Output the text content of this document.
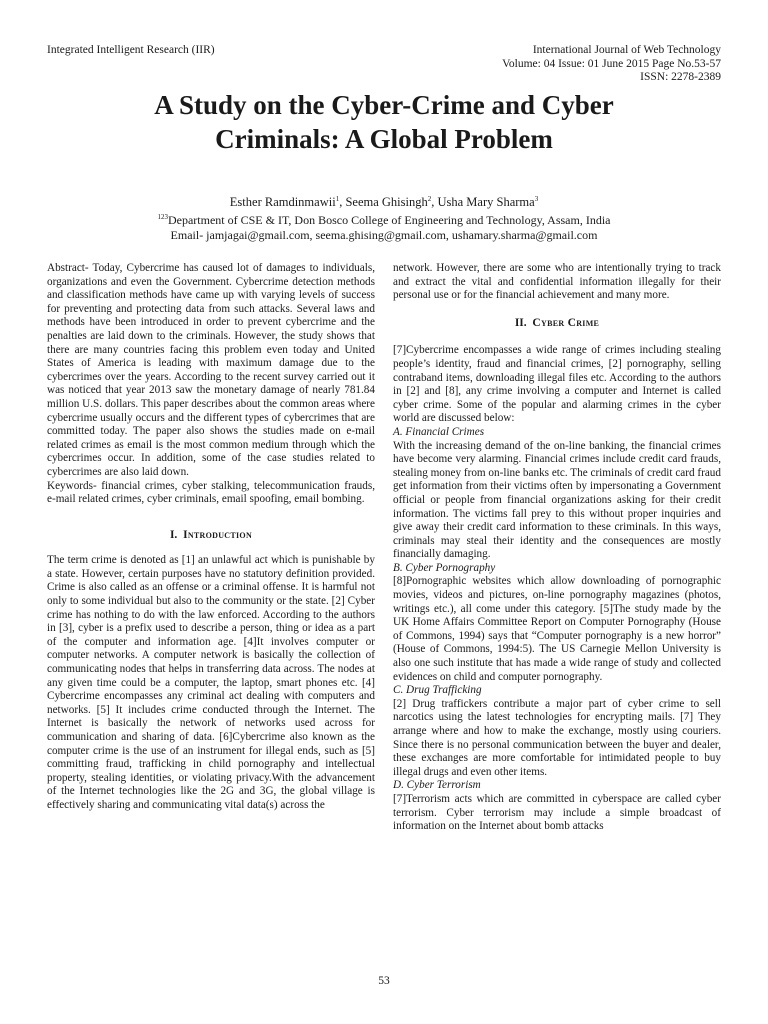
Integrated Intelligent Research (IIR)	International Journal of Web Technology
Volume: 04 Issue: 01 June 2015 Page No.53-57
ISSN: 2278-2389
A Study on the Cyber-Crime and Cyber
Criminals: A Global Problem
Esther Ramdinmawii$^1$, Seema Ghisingh$^2$, Usha Mary Sharma$^3$
$^{123}$Department of CSE & IT, Don Bosco College of Engineering and Technology, Assam, India
Email- jamjagai@gmail.com, seema.ghising@gmail.com, ushamary.sharma@gmail.com

Abstract- Today, Cybercrime has caused lot of damages to individuals, organizations and even the Government. Cybercrime detection methods and classification methods have came up with varying levels of success for preventing and protecting data from such attacks. Several laws and methods have been introduced in order to prevent cybercrime and the penalties are laid down to the criminals. However, the study shows that there are many countries facing this problem even today and United States of America is leading with maximum damage due to the cybercrimes over the years. According to the recent survey carried out it was noticed that year 2013 saw the monetary damage of nearly 781.84 million U.S. dollars. This paper describes about the common areas where cybercrime usually occurs and the different types of cybercrimes that are committed today. The paper also shows the studies made on e-mail related crimes as email is the most common medium through which the cybercrimes occur. In addition, some of the case studies related to cybercrimes are also laid down.

Keywords- financial crimes, cyber stalking, telecommunication frauds, e-mail related crimes, cyber criminals, email spoofing, email bombing.

I. Introduction

The term crime is denoted as [1] an unlawful act which is punishable by a state. However, certain purposes have no statutory definition provided. Crime is also called as an offense or a criminal offense. It is harmful not only to some individual but also to the community or the state. [2] Cyber crime has nothing to do with the law enforced. According to the authors in [3], cyber is a prefix used to describe a person, thing or idea as a part of the computer and information age. [4]It involves computer or computer networks. A computer network is basically the collection of communicating nodes that helps in transferring data across. The nodes at any given time could be a computer, the laptop, smart phones etc. [4] Cybercrime encompasses any criminal act dealing with computers and networks. [5] It includes crime conducted through the Internet. The Internet is basically the network of networks used across for communication and sharing of data. [6]Cybercrime also known as the computer crime is the use of an instrument for illegal ends, such as [5] committing fraud, trafficking in child pornography and intellectual property, stealing identities, or violating privacy.With the advancement of the Internet technologies like the 2G and 3G, the global village is effectively sharing and communicating vital data(s) across the

network. However, there are some who are intentionally trying to track and extract the vital and confidential information illegally for their personal use or for the financial achievement and many more.

II. Cyber Crime

[7]Cybercrime encompasses a wide range of crimes including stealing people’s identity, fraud and financial crimes, [2] pornography, selling contraband items, downloading illegal files etc. According to the authors in [2] and [8], any crime involving a computer and Internet is called cyber crime. Some of the popular and alarming crimes in the cyber world are discussed below:

A. Financial Crimes

With the increasing demand of the on-line banking, the financial crimes have become very alarming. Financial crimes include credit card frauds, stealing money from on-line banks etc. The criminals of credit card fraud get information from their victims often by impersonating a Government official or people from financial organizations asking for their credit information. The victims fall prey to this without proper inquiries and give away their credit card information to these criminals. In this ways, criminals may steal their identity and the consequences are mostly financially damaging.

B. Cyber Pornography

[8]Pornographic websites which allow downloading of pornographic movies, videos and pictures, on-line pornography magazines (photos, writings etc.), all come under this category. [5]The study made by the UK Home Affairs Committee Report on Computer Pornography (House of Commons, 1994) says that “Computer pornography is a new horror” (House of Commons, 1994:5). The US Carnegie Mellon University is also one such institute that has made a wide range of study and collected evidences on child and computer pornography.

C. Drug Trafficking

[2] Drug traffickers contribute a major part of cyber crime to sell narcotics using the latest technologies for encrypting mails. [7] They arrange where and how to make the exchange, mostly using couriers. Since there is no personal communication between the buyer and dealer, these exchanges are more comfortable for intimidated people to buy illegal drugs and even other items.

D. Cyber Terrorism

[7]Terrorism acts which are committed in cyberspace are called cyber terrorism. Cyber terrorism may include a simple broadcast of information on the Internet about bomb attacks

53
